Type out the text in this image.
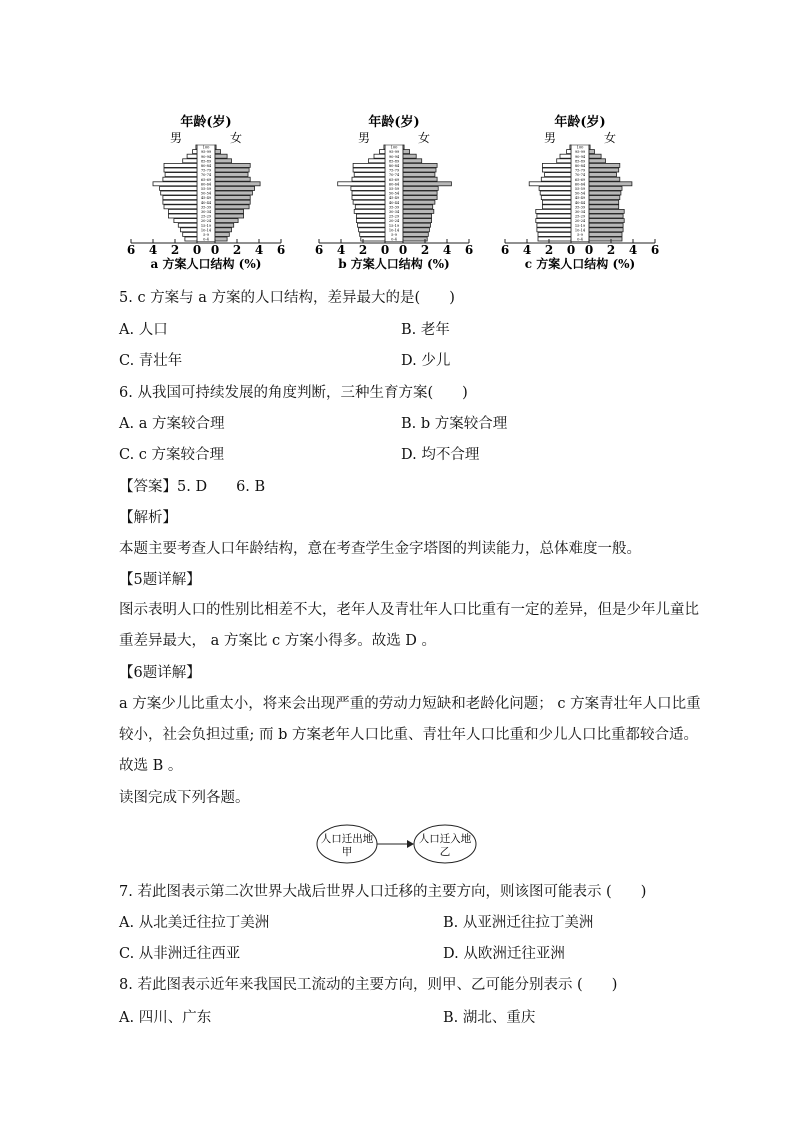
年龄(岁)
男	女
0-4
5-9
10-14
15-19
20-24
25-29
30-34
35-39
40-44
45-49
50-54
55-59
60-64
65-69
70-74
75-79
80-84
85-89
90-94
95-99
100
6 4 2 0 0 2 4 6
a 方案人口结构 (%)
年龄(岁)
男	女
0-4
5-9
10-14
15-19
20-24
25-29
30-34
35-39
40-44
45-49
50-54
55-59
60-64
65-69
70-74
75-79
80-84
85-89
90-94
95-99
100
6 4 2 0 0 2 4 6
b 方案人口结构 (%)
年龄(岁)
男	女
0-4
5-9
10-14
15-19
20-24
25-29
30-34
35-39
40-44
45-49
50-54
55-59
60-64
65-69
70-74
75-79
80-84
85-89
90-94
95-99
100
6 4 2 0 0 2 4 6
c 方案人口结构 (%)
5. c 方案与 a 方案的人口结构，差异最大的是(　　)
A. 人口	B. 老年
C. 青壮年	D. 少儿
6. 从我国可持续发展的角度判断，三种生育方案(　　)
A. a 方案较合理	B. b 方案较合理
C. c 方案较合理	D. 均不合理
【答案】5. D　　6. B
【解析】
本题主要考查人口年龄结构，意在考查学生金字塔图的判读能力，总体难度一般。
【5题详解】
图示表明人口的性别比相差不大，老年人及青壮年人口比重有一定的差异，但是少年儿童比重差异最大， a 方案比 c 方案小得多。故选 D 。
【6题详解】
a 方案少儿比重太小，将来会出现严重的劳动力短缺和老龄化问题； c 方案青壮年人口比重较小，社会负担过重; 而 b 方案老年人口比重、青壮年人口比重和少儿人口比重都较合适。故选 B 。
读图完成下列各题。
人口迁出地
甲
人口迁入地
乙
7. 若此图表示第二次世界大战后世界人口迁移的主要方向，则该图可能表示 (　　)
A. 从北美迁往拉丁美洲	B. 从亚洲迁往拉丁美洲
C. 从非洲迁往西亚	D. 从欧洲迁往亚洲
8. 若此图表示近年来我国民工流动的主要方向，则甲、乙可能分别表示 (　　)
A. 四川、广东	B. 湖北、重庆
